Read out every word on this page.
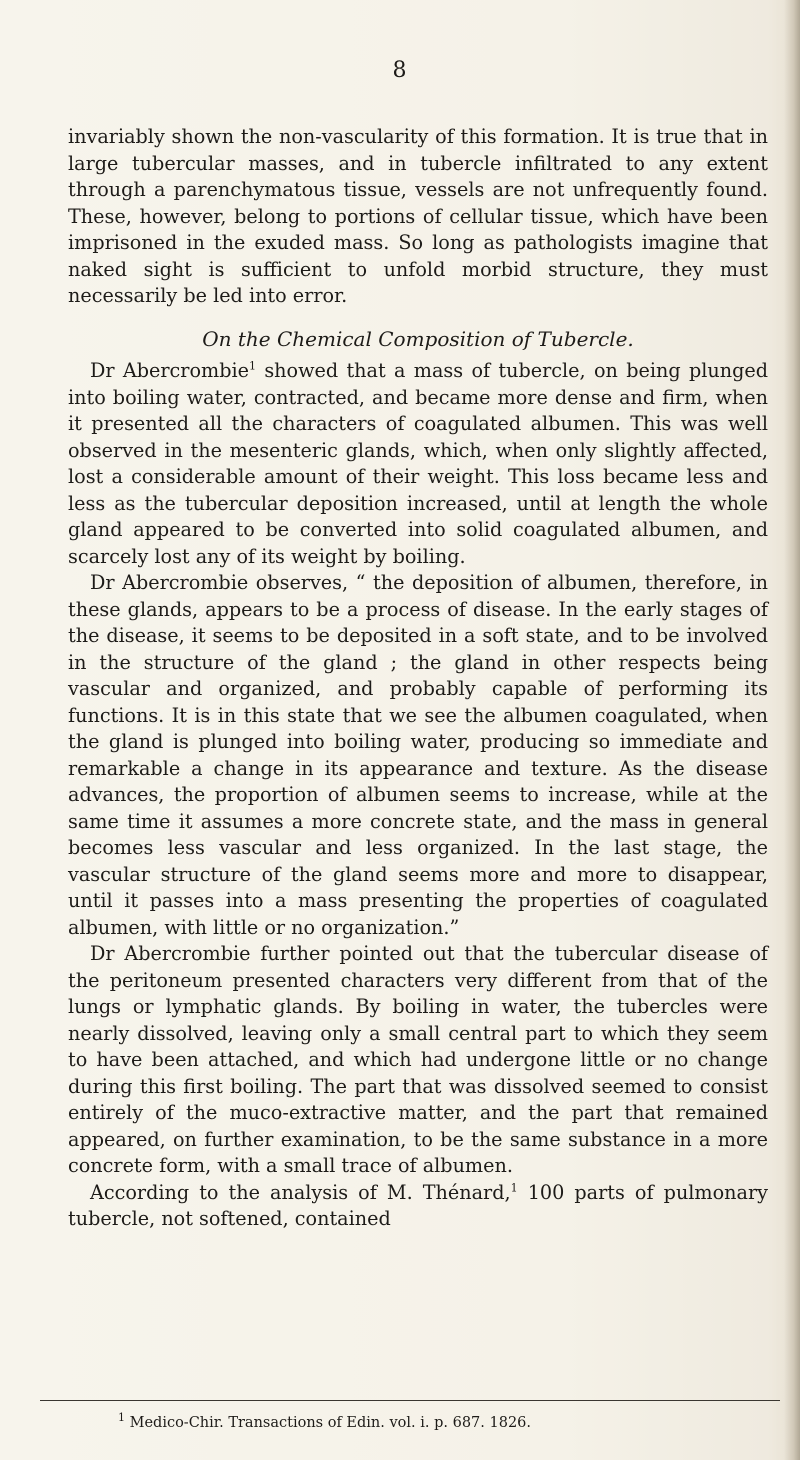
8

invariably shown the non-vascularity of this formation. It is true that in large tubercular masses, and in tubercle infiltrated to any extent through a parenchymatous tissue, vessels are not unfrequently found. These, however, belong to portions of cellular tissue, which have been imprisoned in the exuded mass. So long as pathologists imagine that naked sight is sufficient to unfold morbid structure, they must necessarily be led into error.

On the Chemical Composition of Tubercle.

Dr Abercrombie$^1$ showed that a mass of tubercle, on being plunged into boiling water, contracted, and became more dense and firm, when it presented all the characters of coagulated albumen. This was well observed in the mesenteric glands, which, when only slightly affected, lost a considerable amount of their weight. This loss became less and less as the tubercular deposition increased, until at length the whole gland appeared to be converted into solid coagulated albumen, and scarcely lost any of its weight by boiling.

Dr Abercrombie observes, “ the deposition of albumen, therefore, in these glands, appears to be a process of disease. In the early stages of the disease, it seems to be deposited in a soft state, and to be involved in the structure of the gland ; the gland in other respects being vascular and organized, and probably capable of performing its functions. It is in this state that we see the albumen coagulated, when the gland is plunged into boiling water, producing so immediate and remarkable a change in its appearance and texture. As the disease advances, the proportion of albumen seems to increase, while at the same time it assumes a more concrete state, and the mass in general becomes less vascular and less organized. In the last stage, the vascular structure of the gland seems more and more to disappear, until it passes into a mass presenting the properties of coagulated albumen, with little or no organization.”

Dr Abercrombie further pointed out that the tubercular disease of the peritoneum presented characters very different from that of the lungs or lymphatic glands. By boiling in water, the tubercles were nearly dissolved, leaving only a small central part to which they seem to have been attached, and which had undergone little or no change during this first boiling. The part that was dissolved seemed to consist entirely of the muco-extractive matter, and the part that remained appeared, on further examination, to be the same substance in a more concrete form, with a small trace of albumen.

According to the analysis of M. Thénard,$^1$ 100 parts of pulmonary tubercle, not softened, contained

$^1$ Medico-Chir. Transactions of Edin. vol. i. p. 687. 1826.
